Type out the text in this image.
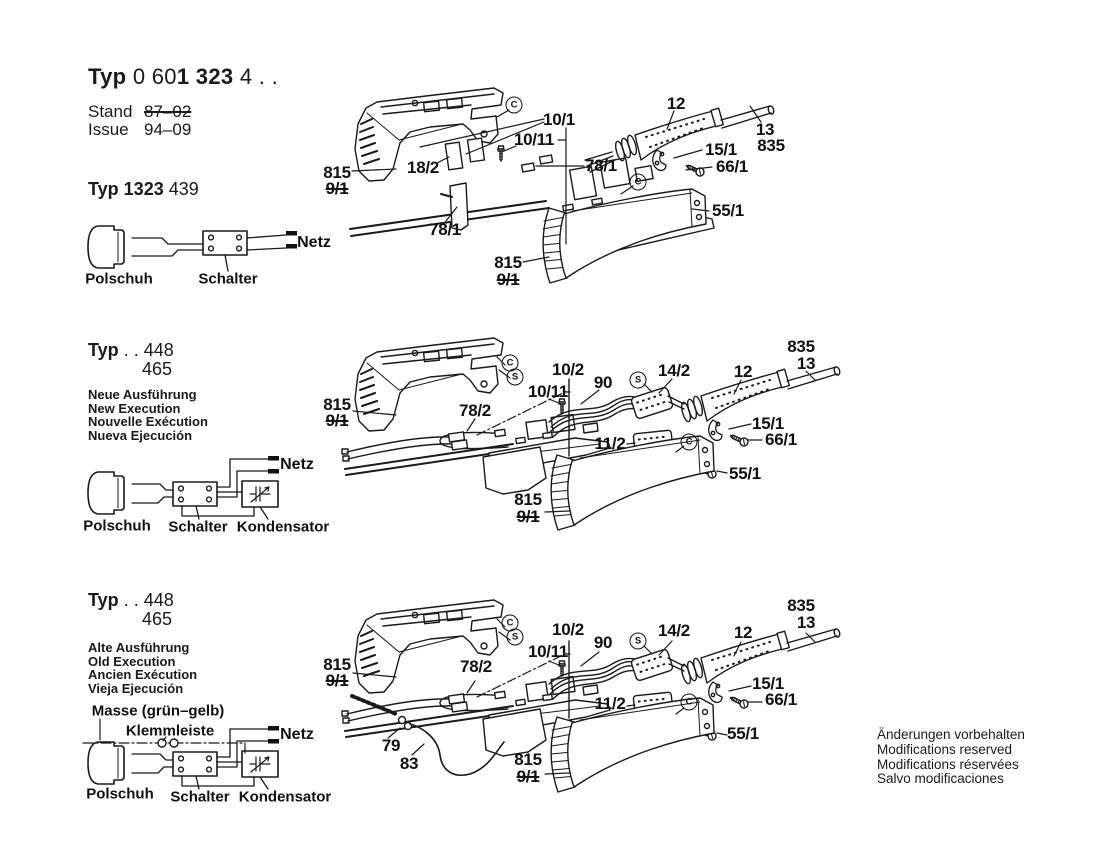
Typ 0 601 323 4 . .
Stand 87–02
Issue 94–09
Typ 1323 439
Typ . . 448
465
Neue Ausführung
New Execution
Nouvelle Exécution
Nueva Ejecución
Typ . . 448
465
Alte Ausführung
Old Execution
Ancien Exécution
Vieja Ejecución
Änderungen vorbehalten
Modifications reserved
Modifications réservées
Salvo modificaciones
815
9/1
18/2
78/1
10/1
10/11
78/1
12
13
835
15/1
66/1
55/1
815
9/1
C
C
Netz
Polschuh	Schalter
815
9/1
78/2
10/2
10/11 90
14/2	12
835
13
15/1
66/1
55/1
11/2
815
9/1
C
S	S
C
Netz
Polschuh Schalter Kondensator
815
9/1
78/2
10/2
10/11 90
14/2	12
835
13
15/1
66/1
55/1
11/2
815
9/1
79
83
C
S	S
C
Masse (grün–gelb)
Klemmleiste	Netz
Polschuh Schalter Kondensator
